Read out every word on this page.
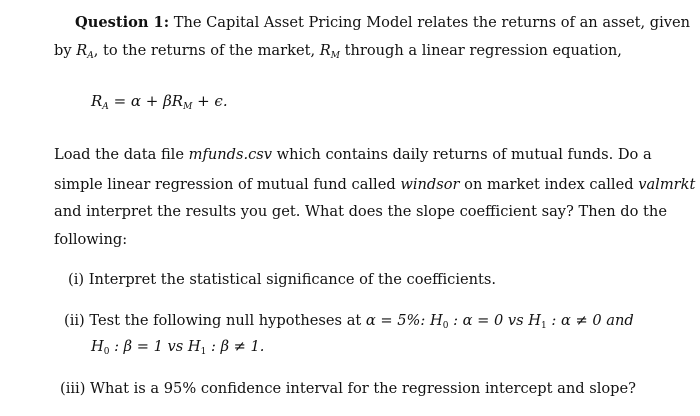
Question 1: The Capital Asset Pricing Model relates the returns of an asset, given
by $R_A$, to the returns of the market, $R_M$ through a linear regression equation,
$R_A = \alpha + \beta R_M + \epsilon$.
Load the data file mfunds.csv which contains daily returns of mutual funds. Do a
simple linear regression of mutual fund called windsor on market index called valmrkt
and interpret the results you get. What does the slope coefficient say? Then do the
following:
(i) Interpret the statistical significance of the coefficients.
(ii) Test the following null hypotheses at α = 5%: $H_0$ : α = 0 vs $H_1$ : α ≠ 0 and
$H_0$ : β = 1 vs $H_1$ : β ≠ 1.
(iii) What is a 95% confidence interval for the regression intercept and slope?
